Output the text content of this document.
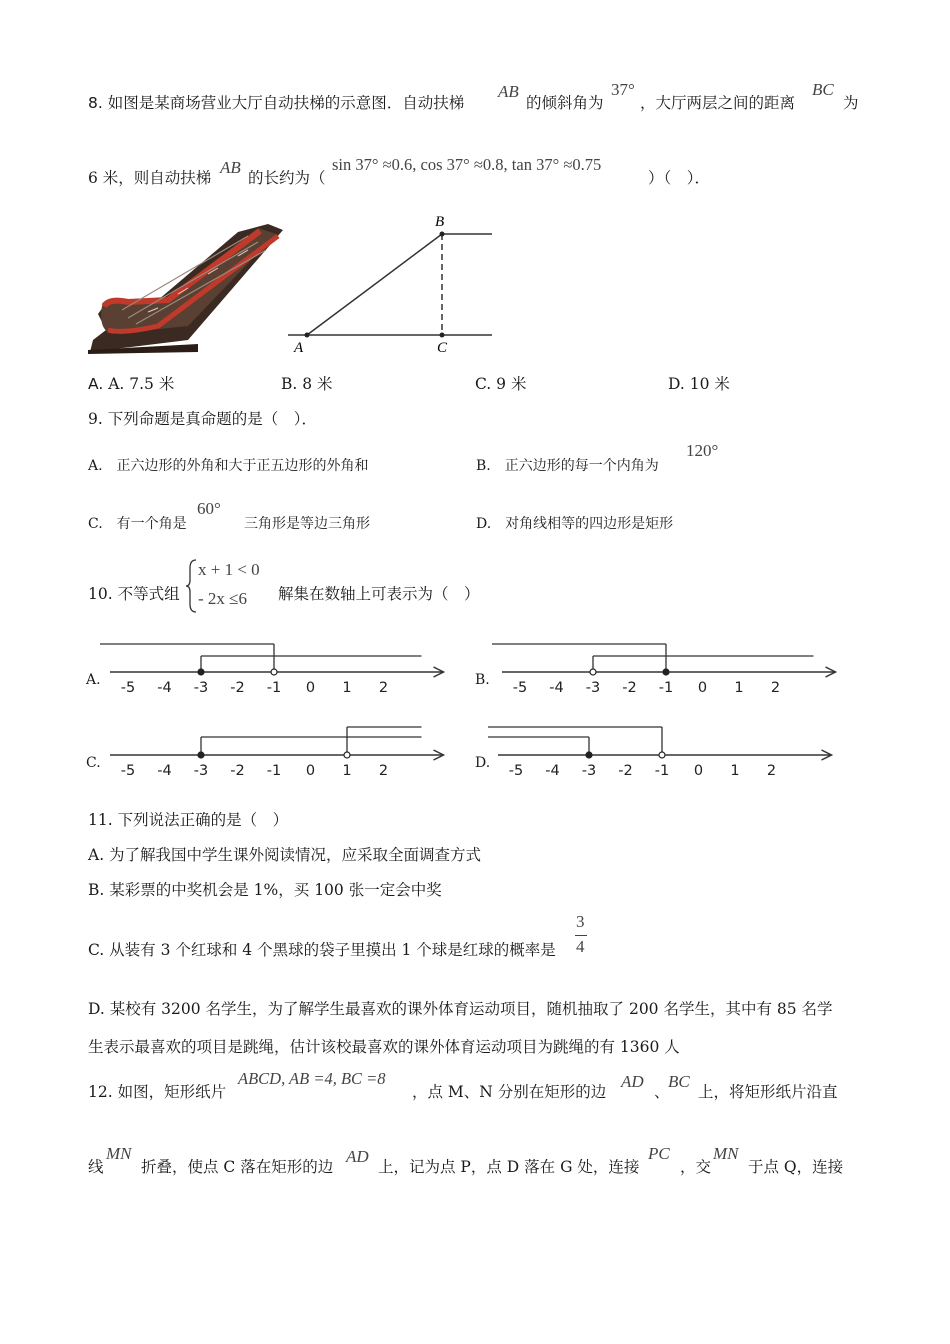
8. 如图是某商场营业大厅自动扶梯的示意图．自动扶梯
AB
的倾斜角为
37°
，大厅两层之间的距离
BC
为
6 米，则自动扶梯
AB
的长约为（
sin 37° ≈0.6, cos 37° ≈0.8, tan 37° ≈0.75
）（　）．
A
B
C
A. A. 7.5 米	B. 8 米	C. 9 米	D. 10 米
9. 下列命题是真命题的是（　）．
A.　正六边形的外角和大于正五边形的外角和	B.　正六边形的每一个内角为
120°
C.　有一个角是
60°
三角形是等边三角形	D.　对角线相等的四边形是矩形
10. 不等式组
x + 1 < 0
- 2x ≤6 解集在数轴上可表示为（　）
A.	B.
C.	D.
-5 -4 -3 -2 -1 0 1 2	-5 -4 -3 -2 -1 0 1 2
-5 -4 -3 -2 -1 0 1 2	-5 -4 -3 -2 -1 0 1 2
11. 下列说法正确的是（　）
A. 为了解我国中学生课外阅读情况，应采取全面调查方式
B. 某彩票的中奖机会是 1%，买 100 张一定会中奖
C. 从装有 3 个红球和 4 个黑球的袋子里摸出 1 个球是红球的概率是
3
4
D. 某校有 3200 名学生，为了解学生最喜欢的课外体育运动项目，随机抽取了 200 名学生，其中有 85 名学
生表示最喜欢的项目是跳绳，估计该校最喜欢的课外体育运动项目为跳绳的有 1360 人
12. 如图，矩形纸片
ABCD, AB =4, BC =8
，点 M、N 分别在矩形的边
AD
、
BC
上，将矩形纸片沿直
线
MN
折叠，使点 C 落在矩形的边
AD
上，记为点 P，点 D 落在 G 处，连接
PC
，交
MN
于点 Q，连接
